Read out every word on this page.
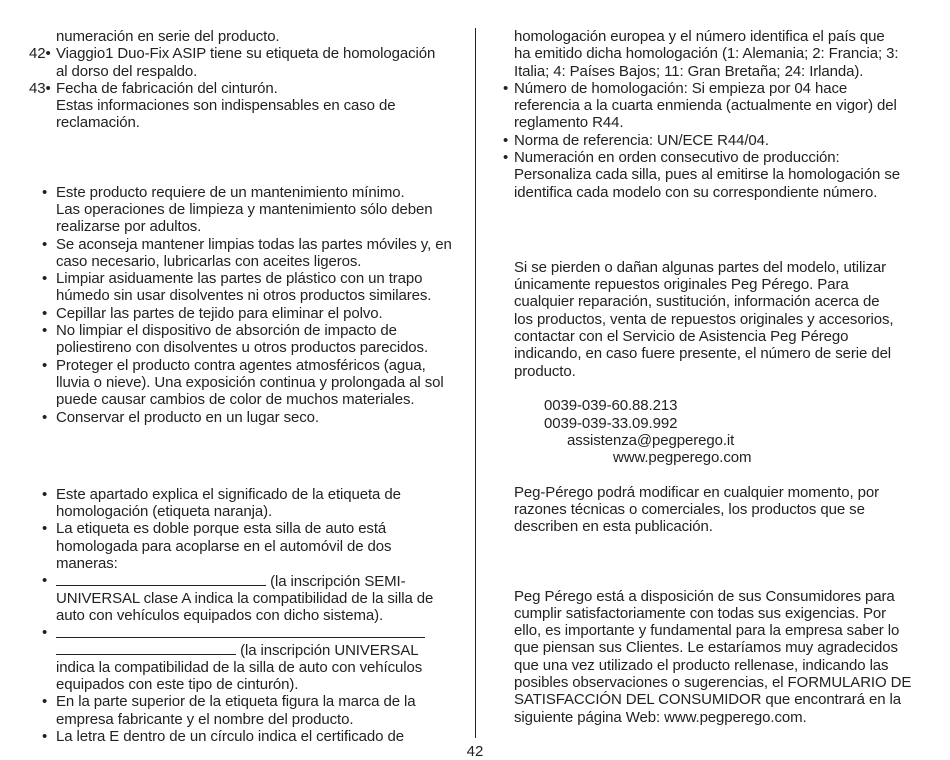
numeración en serie del producto.
42• Viaggio1 Duo-Fix ASIP tiene su etiqueta de homologación
al dorso del respaldo.
43• Fecha de fabricación del cinturón.
Estas informaciones son indispensables en caso de
reclamación.
• Este producto requiere de un mantenimiento mínimo.
Las operaciones de limpieza y mantenimiento sólo deben
realizarse por adultos.
• Se aconseja mantener limpias todas las partes móviles y, en
caso necesario, lubricarlas con aceites ligeros.
• Limpiar asiduamente las partes de plástico con un trapo
húmedo sin usar disolventes ni otros productos similares.
• Cepillar las partes de tejido para eliminar el polvo.
• No limpiar el dispositivo de absorción de impacto de
poliestireno con disolventes u otros productos parecidos.
• Proteger el producto contra agentes atmosféricos (agua,
lluvia o nieve). Una exposición continua y prolongada al sol
puede causar cambios de color de muchos materiales.
• Conservar el producto en un lugar seco.
• Este apartado explica el significado de la etiqueta de
homologación (etiqueta naranja).
• La etiqueta es doble porque esta silla de auto está
homologada para acoplarse en el automóvil de dos
maneras:
•	(la inscripción SEMI-
UNIVERSAL clase A indica la compatibilidad de la silla de
auto con vehículos equipados con dicho sistema).
•
(la inscripción UNIVERSAL
indica la compatibilidad de la silla de auto con vehículos
equipados con este tipo de cinturón).
• En la parte superior de la etiqueta figura la marca de la
empresa fabricante y el nombre del producto.
• La letra E dentro de un círculo indica el certificado de
homologación europea y el número identifica el país que
ha emitido dicha homologación (1: Alemania; 2: Francia; 3:
Italia; 4: Países Bajos; 11: Gran Bretaña; 24: Irlanda).
• Número de homologación: Si empieza por 04 hace
referencia a la cuarta enmienda (actualmente en vigor) del
reglamento R44.
• Norma de referencia: UN/ECE R44/04.
• Numeración en orden consecutivo de producción:
Personaliza cada silla, pues al emitirse la homologación se
identifica cada modelo con su correspondiente número.
Si se pierden o dañan algunas partes del modelo, utilizar
únicamente repuestos originales Peg Pérego. Para
cualquier reparación, sustitución, información acerca de
los productos, venta de repuestos originales y accesorios,
contactar con el Servicio de Asistencia Peg Pérego
indicando, en caso fuere presente, el número de serie del
producto.
0039-039-60.88.213
0039-039-33.09.992
assistenza@pegperego.it
www.pegperego.com
Peg-Pérego podrá modificar en cualquier momento, por
razones técnicas o comerciales, los productos que se
describen en esta publicación.
Peg Pérego está a disposición de sus Consumidores para
cumplir satisfactoriamente con todas sus exigencias. Por
ello, es importante y fundamental para la empresa saber lo
que piensan sus Clientes. Le estaríamos muy agradecidos
que una vez utilizado el producto rellenase, indicando las
posibles observaciones o sugerencias, el FORMULARIO DE
SATISFACCIÓN DEL CONSUMIDOR que encontrará en la
siguiente página Web: www.pegperego.com.
42
